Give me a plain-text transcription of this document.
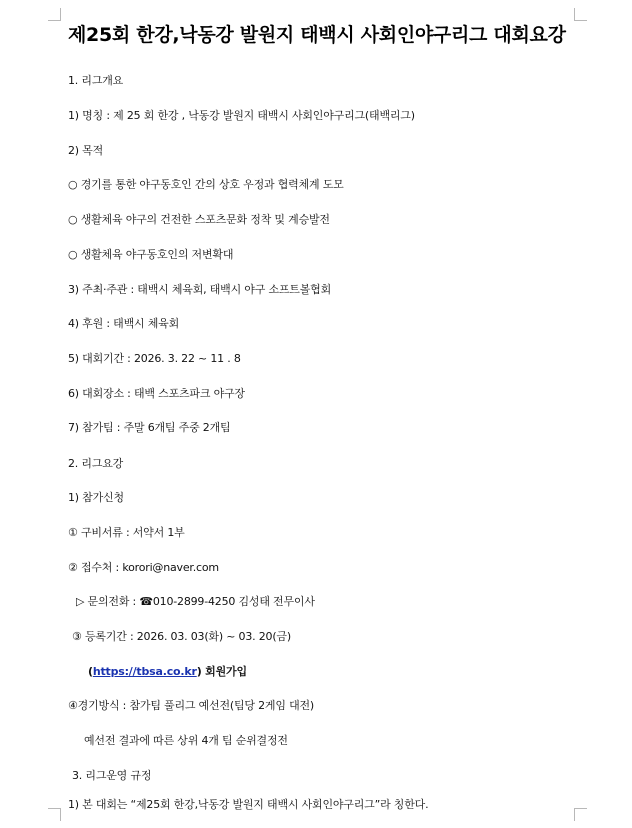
제25회 한강,낙동강 발원지 태백시 사회인야구리그 대회요강
1. 리그개요
1) 명칭 : 제 25 회 한강 , 낙동강 발원지 태백시 사회인야구리그(태백리그)
2) 목적
○ 경기를 통한 야구동호인 간의 상호 우정과 협력체계 도모
○ 생활체육 야구의 건전한 스포츠문화 정착 및 계승발전
○ 생활체육 야구동호인의 저변확대
3) 주최·주관 : 태백시 체육회, 태백시 야구 소프트볼협회
4) 후원 : 태백시 체육회
5) 대회기간 : 2026. 3. 22 ~ 11 . 8
6) 대회장소 : 태백 스포츠파크 야구장
7) 참가팀 : 주말 6개팀 주중 2개팀
2. 리그요강
1) 참가신청
① 구비서류 : 서약서 1부
② 접수처 : korori@naver.com
▷ 문의전화 : ☎010-2899-4250 김성태 전무이사
③ 등록기간 : 2026. 03. 03(화) ~ 03. 20(금)
(https://tbsa.co.kr) 회원가입
④경기방식 : 참가팀 풀리그 예선전(팀당 2게임 대전)
예선전 결과에 따른 상위 4개 팀 순위결정전
3. 리그운영 규정
1) 본 대회는 “제25회 한강,낙동강 발원지 태백시 사회인야구리그”라 칭한다.
